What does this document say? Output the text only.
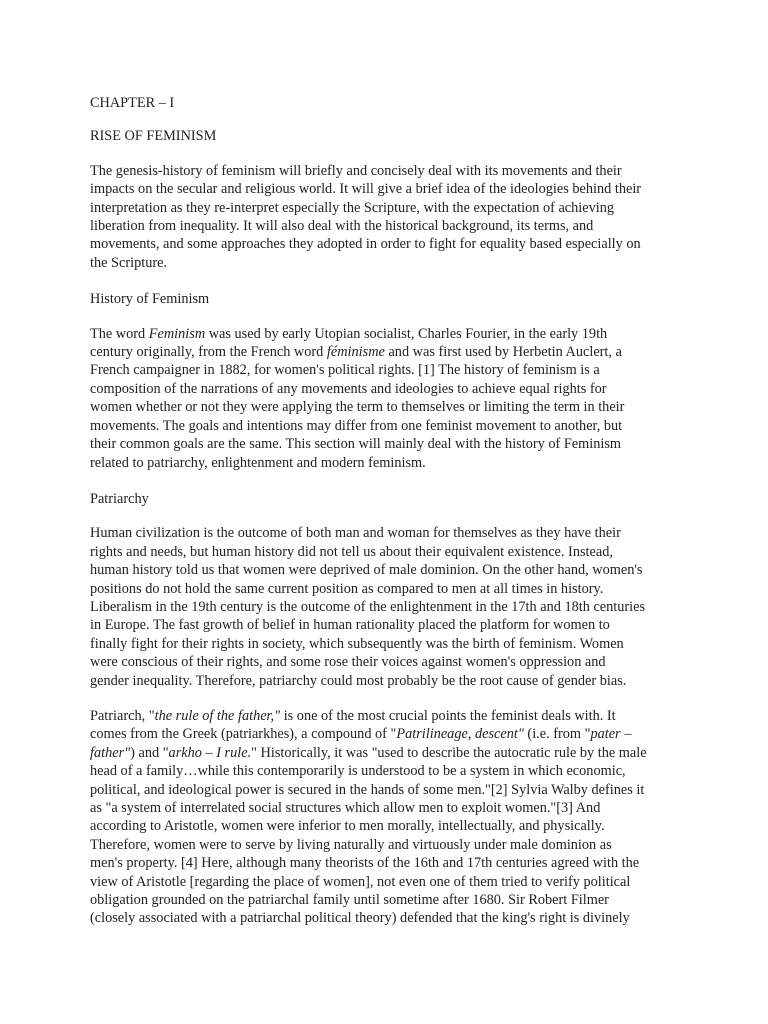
CHAPTER – I

RISE OF FEMINISM

The genesis-history of feminism will briefly and concisely deal with its movements and their
impacts on the secular and religious world. It will give a brief idea of the ideologies behind their
interpretation as they re-interpret especially the Scripture, with the expectation of achieving
liberation from inequality. It will also deal with the historical background, its terms, and
movements, and some approaches they adopted in order to fight for equality based especially on
the Scripture.

History of Feminism

The word Feminism was used by early Utopian socialist, Charles Fourier, in the early 19th
century originally, from the French word féminisme and was first used by Herbetin Auclert, a
French campaigner in 1882, for women's political rights. [1] The history of feminism is a
composition of the narrations of any movements and ideologies to achieve equal rights for
women whether or not they were applying the term to themselves or limiting the term in their
movements. The goals and intentions may differ from one feminist movement to another, but
their common goals are the same. This section will mainly deal with the history of Feminism
related to patriarchy, enlightenment and modern feminism.

Patriarchy

Human civilization is the outcome of both man and woman for themselves as they have their
rights and needs, but human history did not tell us about their equivalent existence. Instead,
human history told us that women were deprived of male dominion. On the other hand, women's
positions do not hold the same current position as compared to men at all times in history.
Liberalism in the 19th century is the outcome of the enlightenment in the 17th and 18th centuries
in Europe. The fast growth of belief in human rationality placed the platform for women to
finally fight for their rights in society, which subsequently was the birth of feminism. Women
were conscious of their rights, and some rose their voices against women's oppression and
gender inequality. Therefore, patriarchy could most probably be the root cause of gender bias.

Patriarch, "the rule of the father," is one of the most crucial points the feminist deals with. It
comes from the Greek (patriarkhes), a compound of "Patrilineage, descent" (i.e. from "pater –
father") and "arkho – I rule." Historically, it was "used to describe the autocratic rule by the male
head of a family…while this contemporarily is understood to be a system in which economic,
political, and ideological power is secured in the hands of some men."[2] Sylvia Walby defines it
as "a system of interrelated social structures which allow men to exploit women."[3] And
according to Aristotle, women were inferior to men morally, intellectually, and physically.
Therefore, women were to serve by living naturally and virtuously under male dominion as
men's property. [4] Here, although many theorists of the 16th and 17th centuries agreed with the
view of Aristotle [regarding the place of women], not even one of them tried to verify political
obligation grounded on the patriarchal family until sometime after 1680. Sir Robert Filmer
(closely associated with a patriarchal political theory) defended that the king's right is divinely
